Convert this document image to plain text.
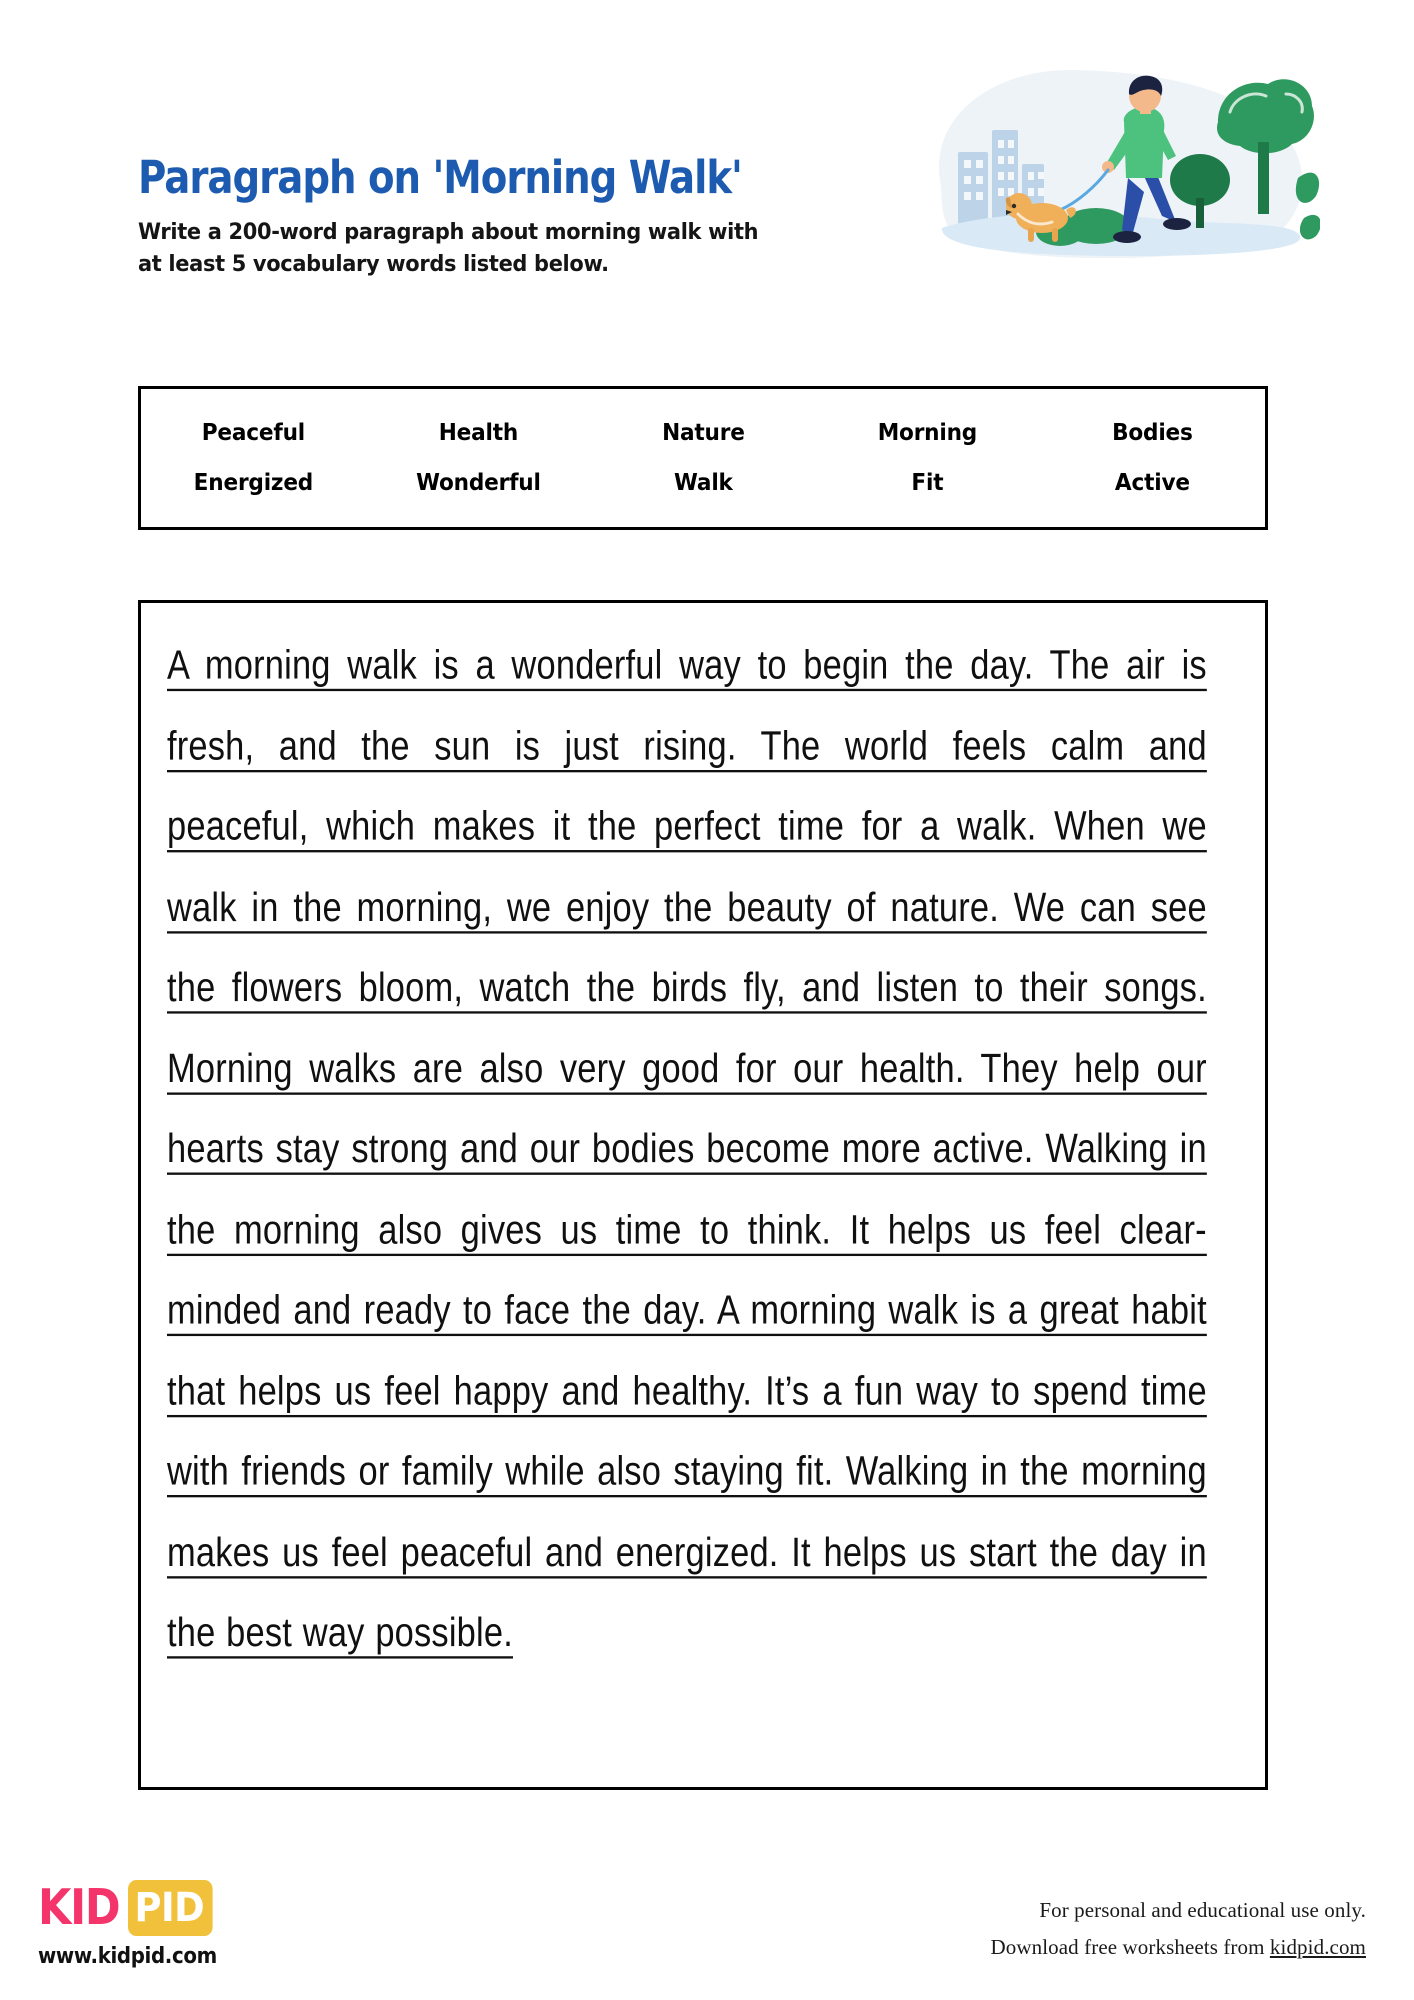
Paragraph on 'Morning Walk'
Write a 200-word paragraph about morning walk with at least 5 vocabulary words listed below.
Peaceful	Health	Nature	Morning	Bodies
Energized	Wonderful	Walk	Fit	Active
A morning walk is a wonderful way to begin the day. The air is fresh, and the sun is just rising. The world feels calm and peaceful, which makes it the perfect time for a walk. When we walk in the morning, we enjoy the beauty of nature. We can see the flowers bloom, watch the birds fly, and listen to their songs. Morning walks are also very good for our health. They help our hearts stay strong and our bodies become more active. Walking in the morning also gives us time to think. It helps us feel clear-minded and ready to face the day. A morning walk is a great habit that helps us feel happy and healthy. It’s a fun way to spend time with friends or family while also staying fit. Walking in the morning makes us feel peaceful and energized. It helps us start the day in the best way possible.
KID PID
www.kidpid.com
For personal and educational use only.
Download free worksheets from kidpid.com
